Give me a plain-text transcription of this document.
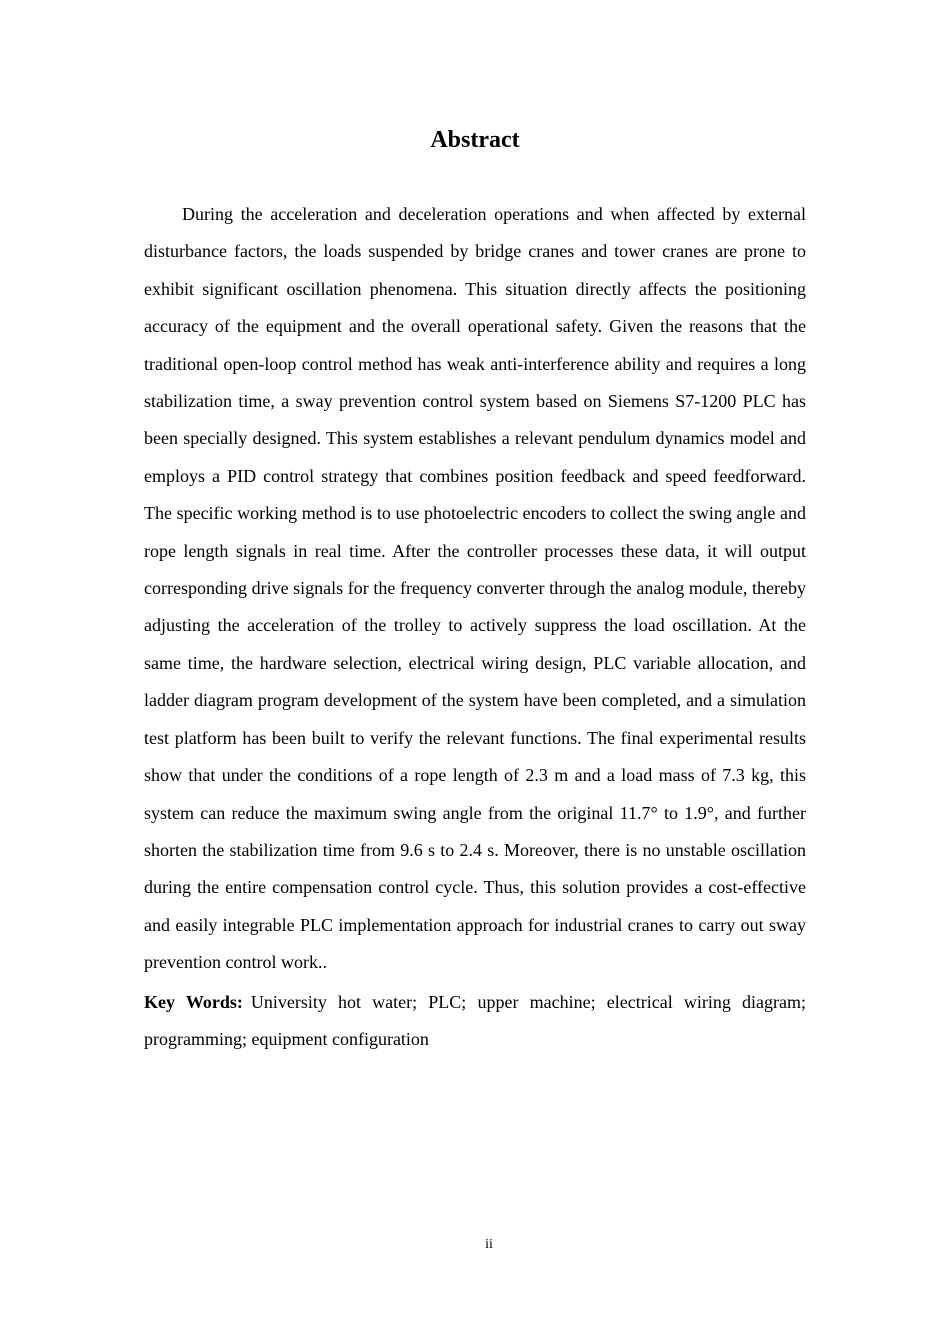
Abstract

During the acceleration and deceleration operations and when affected by external disturbance factors, the loads suspended by bridge cranes and tower cranes are prone to exhibit significant oscillation phenomena. This situation directly affects the positioning accuracy of the equipment and the overall operational safety. Given the reasons that the traditional open-loop control method has weak anti-interference ability and requires a long stabilization time, a sway prevention control system based on Siemens S7-1200 PLC has been specially designed. This system establishes a relevant pendulum dynamics model and employs a PID control strategy that combines position feedback and speed feedforward. The specific working method is to use photoelectric encoders to collect the swing angle and rope length signals in real time. After the controller processes these data, it will output corresponding drive signals for the frequency converter through the analog module, thereby adjusting the acceleration of the trolley to actively suppress the load oscillation. At the same time, the hardware selection, electrical wiring design, PLC variable allocation, and ladder diagram program development of the system have been completed, and a simulation test platform has been built to verify the relevant functions. The final experimental results show that under the conditions of a rope length of 2.3 m and a load mass of 7.3 kg, this system can reduce the maximum swing angle from the original 11.7° to 1.9°, and further shorten the stabilization time from 9.6 s to 2.4 s. Moreover, there is no unstable oscillation during the entire compensation control cycle. Thus, this solution provides a cost-effective and easily integrable PLC implementation approach for industrial cranes to carry out sway prevention control work..

Key Words: University hot water; PLC; upper machine; electrical wiring diagram; programming; equipment configuration

ii
